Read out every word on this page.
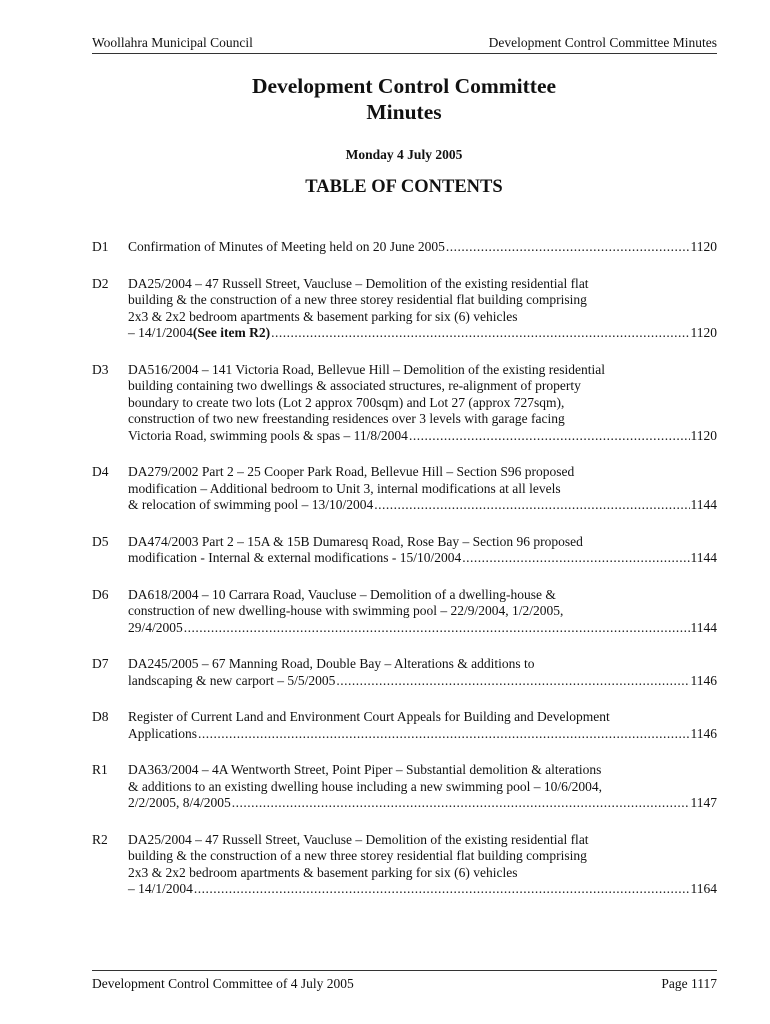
Woollahra Municipal Council	Development Control Committee Minutes
Development Control Committee
Minutes
Monday 4 July 2005
TABLE OF CONTENTS
D1 Confirmation of Minutes of Meeting held on 20 June 2005 .....	1120
D2 DA25/2004 – 47 Russell Street, Vaucluse – Demolition of the existing residential flat
building & the construction of a new three storey residential flat building comprising
2x3 & 2x2 bedroom apartments & basement parking for six (6) vehicles
– 14/1/2004 (See item R2) .....	1120
D3 DA516/2004 – 141 Victoria Road, Bellevue Hill – Demolition of the existing residential
building containing two dwellings & associated structures, re-alignment of property
boundary to create two lots (Lot 2 approx 700sqm) and Lot 27 (approx 727sqm),
construction of two new freestanding residences over 3 levels with garage facing
Victoria Road, swimming pools & spas – 11/8/2004 .....	1120
D4 DA279/2002 Part 2 – 25 Cooper Park Road, Bellevue Hill – Section S96 proposed
modification – Additional bedroom to Unit 3, internal modifications at all levels
& relocation of swimming pool – 13/10/2004 .....	1144
D5 DA474/2003 Part 2 – 15A & 15B Dumaresq Road, Rose Bay – Section 96 proposed
modification - Internal & external modifications - 15/10/2004 .....	1144
D6 DA618/2004 – 10 Carrara Road, Vaucluse – Demolition of a dwelling-house &
construction of new dwelling-house with swimming pool – 22/9/2004, 1/2/2005,
29/4/2005 .....	1144
D7 DA245/2005 – 67 Manning Road, Double Bay – Alterations & additions to
landscaping & new carport – 5/5/2005 .....	1146
D8 Register of Current Land and Environment Court Appeals for Building and Development
Applications .....	1146
R1 DA363/2004 – 4A Wentworth Street, Point Piper – Substantial demolition & alterations
& additions to an existing dwelling house including a new swimming pool – 10/6/2004,
2/2/2005, 8/4/2005 .....	1147
R2 DA25/2004 – 47 Russell Street, Vaucluse – Demolition of the existing residential flat
building & the construction of a new three storey residential flat building comprising
2x3 & 2x2 bedroom apartments & basement parking for six (6) vehicles
– 14/1/2004 .....	1164
Development Control Committee of 4 July 2005	Page 1117
